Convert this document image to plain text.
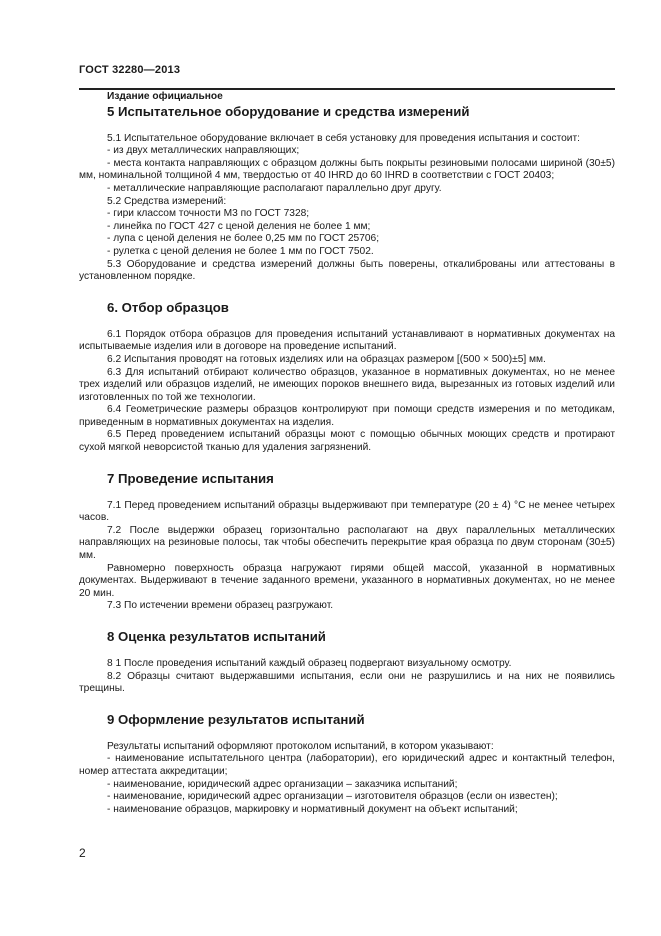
ГОСТ 32280—2013
Издание официальное
5 Испытательное оборудование и средства измерений

5.1 Испытательное оборудование включает в себя установку для проведения испытания и состоит:

- из двух металлических направляющих;

- места контакта направляющих с образцом должны быть покрыты резиновыми полосами шириной (30±5) мм, номинальной толщиной 4 мм, твердостью от 40 IHRD до 60 IHRD в соответствии с ГОСТ 20403;

- металлические направляющие располагают параллельно друг другу.

5.2 Средства измерений:

- гири классом точности М3 по ГОСТ 7328;

- линейка по ГОСТ 427 с ценой деления не более 1 мм;

- лупа с ценой деления не более 0,25 мм по ГОСТ 25706;

- рулетка с ценой деления не более 1 мм по ГОСТ 7502.

5.3 Оборудование и средства измерений должны быть поверены, откалиброваны или аттестованы в установленном порядке.

6. Отбор образцов

6.1 Порядок отбора образцов для проведения испытаний устанавливают в нормативных документах на испытываемые изделия или в договоре на проведение испытаний.

6.2 Испытания проводят на готовых изделиях или на образцах размером [(500 × 500)±5] мм.

6.3 Для испытаний отбирают количество образцов, указанное в нормативных документах, но не менее трех изделий или образцов изделий, не имеющих пороков внешнего вида, вырезанных из готовых изделий или изготовленных по той же технологии.

6.4 Геометрические размеры образцов контролируют при помощи средств измерения и по методикам, приведенным в нормативных документах на изделия.

6.5 Перед проведением испытаний образцы моют с помощью обычных моющих средств и протирают сухой мягкой неворсистой тканью для удаления загрязнений.

7 Проведение испытания

7.1 Перед проведением испытаний образцы выдерживают при температуре (20 ± 4) °С не менее четырех часов.

7.2 После выдержки образец горизонтально располагают на двух параллельных металлических направляющих на резиновые полосы, так чтобы обеспечить перекрытие края образца по двум сторонам (30±5) мм.

Равномерно поверхность образца нагружают гирями общей массой, указанной в нормативных документах. Выдерживают в течение заданного времени, указанного в нормативных документах, но не менее 20 мин.

7.3 По истечении времени образец разгружают.

8 Оценка результатов испытаний

8 1 После проведения испытаний каждый образец подвергают визуальному осмотру.

8.2 Образцы считают выдержавшими испытания, если они не разрушились и на них не появились трещины.

9 Оформление результатов испытаний

Результаты испытаний оформляют протоколом испытаний, в котором указывают:

- наименование испытательного центра (лаборатории), его юридический адрес и контактный телефон, номер аттестата аккредитации;

- наименование, юридический адрес организации – заказчика испытаний;

- наименование, юридический адрес организации – изготовителя образцов (если он известен);

- наименование образцов, маркировку и нормативный документ на объект испытаний;

2
